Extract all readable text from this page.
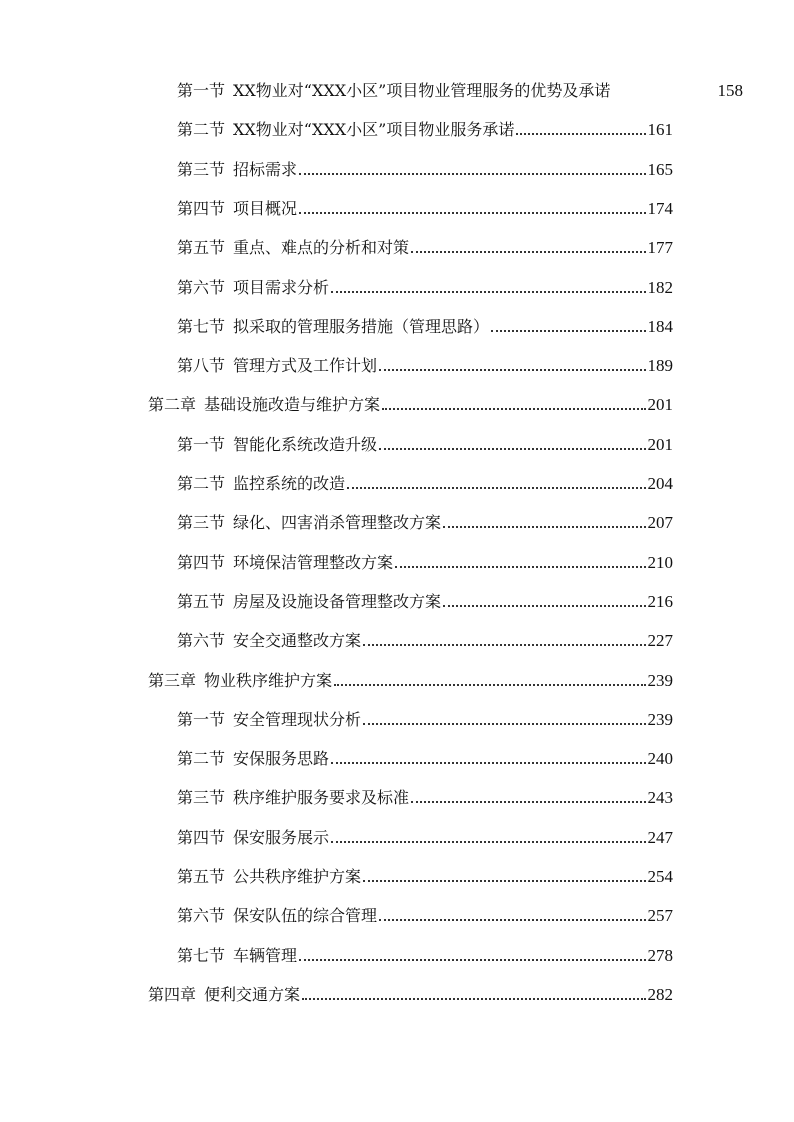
第一节 XX物业对“XXX小区”项目物业管理服务的优势及承诺	158
第二节 XX物业对“XXX小区”项目物业服务承诺	161
第三节 招标需求	165
第四节 项目概况	174
第五节 重点、难点的分析和对策	177
第六节 项目需求分析	182
第七节 拟采取的管理服务措施（管理思路）	184
第八节 管理方式及工作计划	189
第二章 基础设施改造与维护方案	201
第一节 智能化系统改造升级	201
第二节 监控系统的改造	204
第三节 绿化、四害消杀管理整改方案	207
第四节 环境保洁管理整改方案	210
第五节 房屋及设施设备管理整改方案	216
第六节 安全交通整改方案	227
第三章 物业秩序维护方案	239
第一节 安全管理现状分析	239
第二节 安保服务思路	240
第三节 秩序维护服务要求及标准	243
第四节 保安服务展示	247
第五节 公共秩序维护方案	254
第六节 保安队伍的综合管理	257
第七节 车辆管理	278
第四章 便利交通方案	282
